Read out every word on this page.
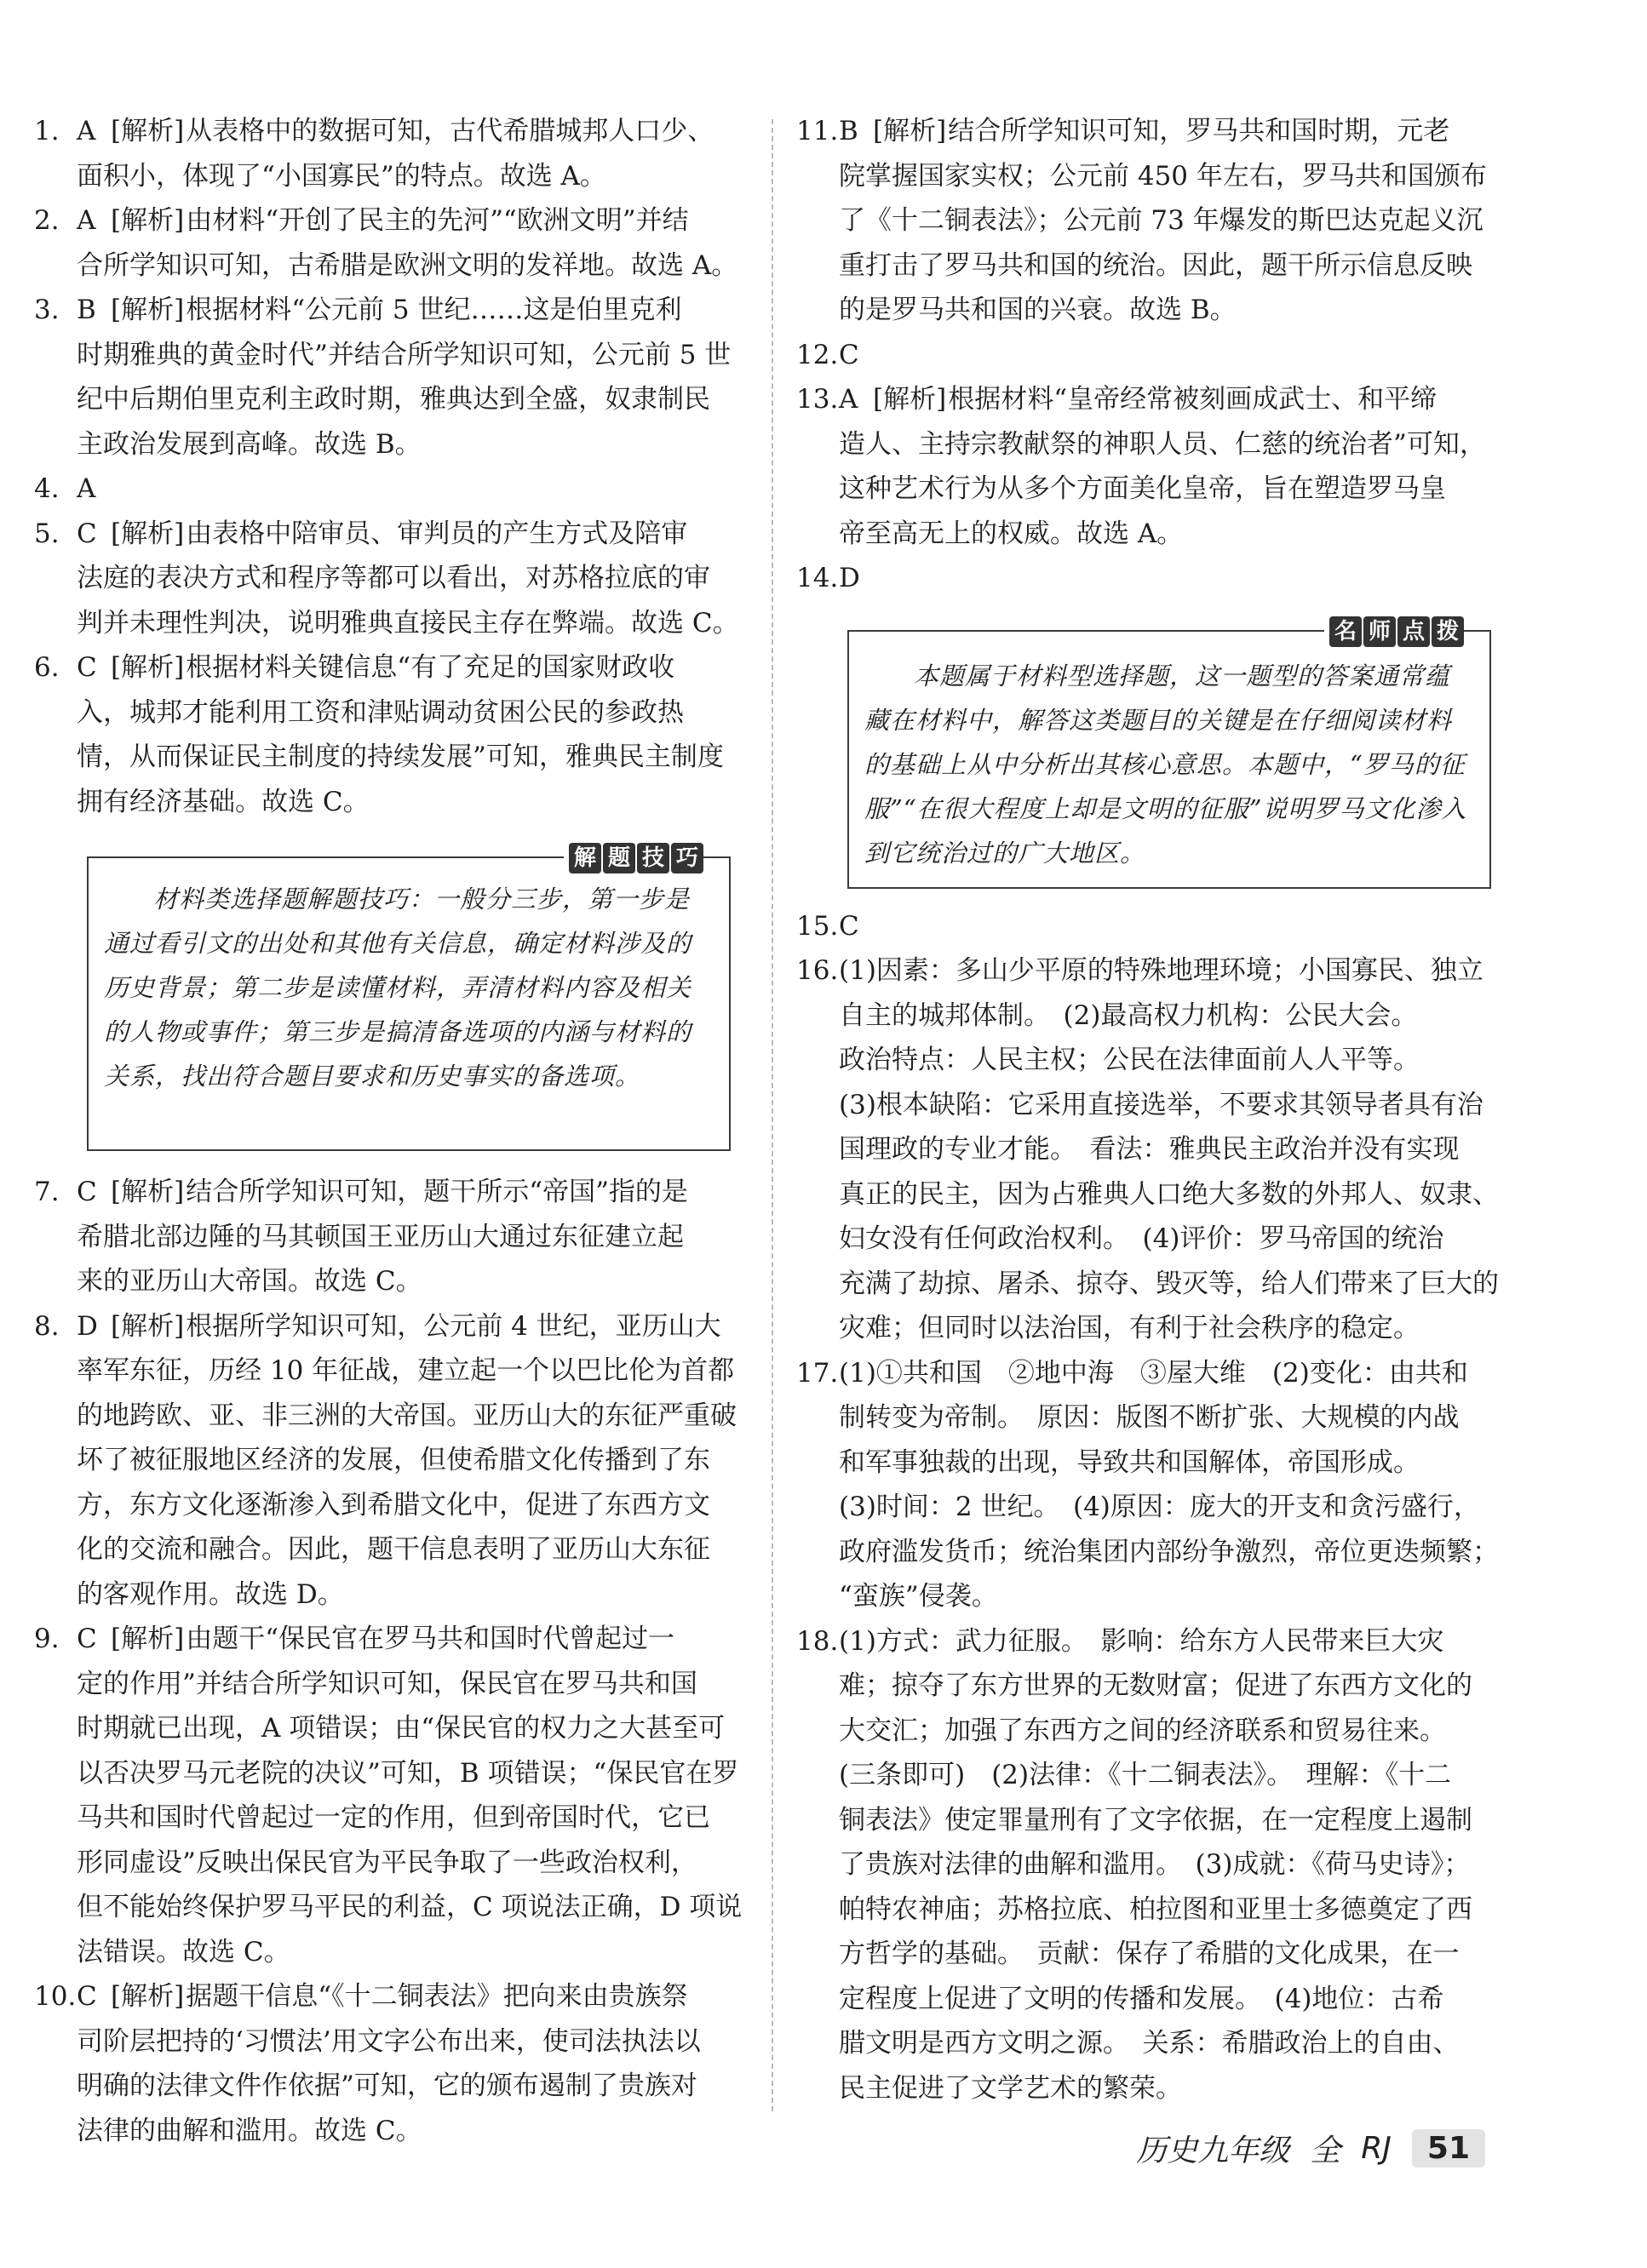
1. A [ 解析 ] 从表格中的数据可知，古代希腊城邦人口少、
面积小，体现了“小国寡民”的特点。故选 A。
2. A [ 解析 ] 由材料“开创了民主的先河”“欧洲文明”并结
合所学知识可知，古希腊是欧洲文明的发祥地。故选 A。
3. B [ 解析 ] 根据材料“公元前 5 世纪……这是伯里克利
时期雅典的黄金时代”并结合所学知识可知，公元前 5 世
纪中后期伯里克利主政时期，雅典达到全盛，奴隶制民
主政治发展到高峰。故选 B。
4. A
5. C [ 解析 ] 由表格中陪审员、审判员的产生方式及陪审
法庭的表决方式和程序等都可以看出，对苏格拉底的审
判并未理性判决，说明雅典直接民主存在弊端。故选 C。
6. C [ 解析 ] 根据材料关键信息“有了充足的国家财政收
入，城邦才能利用工资和津贴调动贫困公民的参政热
情，从而保证民主制度的持续发展”可知，雅典民主制度
拥有经济基础。故选 C。
解 题 技 巧

材料类选择题解题技巧：一般分三步，第一步是通过看引文的出处和其他有关信息，确定材料涉及的历史背景；第二步是读懂材料，弄清材料内容及相关的人物或事件；第三步是搞清备选项的内涵与材料的关系，找出符合题目要求和历史事实的备选项。

7. C [ 解析 ] 结合所学知识可知，题干所示“帝国”指的是
希腊北部边陲的马其顿国王亚历山大通过东征建立起
来的亚历山大帝国。故选 C。
8. D [ 解析 ] 根据所学知识可知，公元前 4 世纪，亚历山大
率军东征，历经 10 年征战，建立起一个以巴比伦为首都
的地跨欧、亚、非三洲的大帝国。亚历山大的东征严重破
坏了被征服地区经济的发展，但使希腊文化传播到了东
方，东方文化逐渐渗入到希腊文化中，促进了东西方文
化的交流和融合。因此，题干信息表明了亚历山大东征
的客观作用。故选 D。
9. C [ 解析 ] 由题干“保民官在罗马共和国时代曾起过一
定的作用”并结合所学知识可知，保民官在罗马共和国
时期就已出现，A 项错误；由“保民官的权力之大甚至可
以否决罗马元老院的决议”可知，B 项错误；“保民官在罗
马共和国时代曾起过一定的作用，但到帝国时代，它已
形同虚设”反映出保民官为平民争取了一些政治权利，
但不能始终保护罗马平民的利益，C 项说法正确，D 项说
法错误。故选 C。
10.C [ 解析 ] 据题干信息“《十二铜表法》把向来由贵族祭
司阶层把持的‘习惯法’用文字公布出来，使司法执法以
明确的法律文件作依据”可知，它的颁布遏制了贵族对
法律的曲解和滥用。故选 C。
11.B [ 解析 ] 结合所学知识可知，罗马共和国时期，元老
院掌握国家实权；公元前 450 年左右，罗马共和国颁布
了《十二铜表法》；公元前 73 年爆发的斯巴达克起义沉
重打击了罗马共和国的统治。因此，题干所示信息反映
的是罗马共和国的兴衰。故选 B。
12.C
13.A [ 解析 ] 根据材料“皇帝经常被刻画成武士、和平缔
造人、主持宗教献祭的神职人员、仁慈的统治者”可知，
这种艺术行为从多个方面美化皇帝，旨在塑造罗马皇
帝至高无上的权威。故选 A。
14.D
名 师 点 拨

本题属于材料型选择题，这一题型的答案通常蕴藏在材料中，解答这类题目的关键是在仔细阅读材料的基础上从中分析出其核心意思。本题中，“罗马的征服”“在很大程度上却是文明的征服”说明罗马文化渗入到它统治过的广大地区。

15.C
16.(1)因素：多山少平原的特殊地理环境；小国寡民、独立
自主的城邦体制。　(2)最高权力机构：公民大会。
政治特点：人民主权；公民在法律面前人人平等。
(3)根本缺陷：它采用直接选举，不要求其领导者具有治
国理政的专业才能。　看法：雅典民主政治并没有实现
真正的民主，因为占雅典人口绝大多数的外邦人、奴隶、
妇女没有任何政治权利。　(4)评价：罗马帝国的统治
充满了劫掠、屠杀、掠夺、毁灭等，给人们带来了巨大的
灾难；但同时以法治国，有利于社会秩序的稳定。
17.(1)①共和国　②地中海　③屋大维　(2)变化：由共和
制转变为帝制。　原因：版图不断扩张、大规模的内战
和军事独裁的出现，导致共和国解体，帝国形成。
(3)时间：2 世纪。　(4)原因：庞大的开支和贪污盛行，
政府滥发货币；统治集团内部纷争激烈，帝位更迭频繁；
“蛮族”侵袭。
18.(1)方式：武力征服。　影响：给东方人民带来巨大灾
难；掠夺了东方世界的无数财富；促进了东西方文化的
大交汇；加强了东西方之间的经济联系和贸易往来。
(三条即可)　(2)法律：《十二铜表法》。　理解：《十二
铜表法》使定罪量刑有了文字依据，在一定程度上遏制
了贵族对法律的曲解和滥用。　(3)成就：《荷马史诗》；
帕特农神庙；苏格拉底、柏拉图和亚里士多德奠定了西
方哲学的基础。　贡献：保存了希腊的文化成果，在一
定程度上促进了文明的传播和发展。　(4)地位：古希
腊文明是西方文明之源。　关系：希腊政治上的自由、
民主促进了文学艺术的繁荣。
历史九年级 全 RJ	51
